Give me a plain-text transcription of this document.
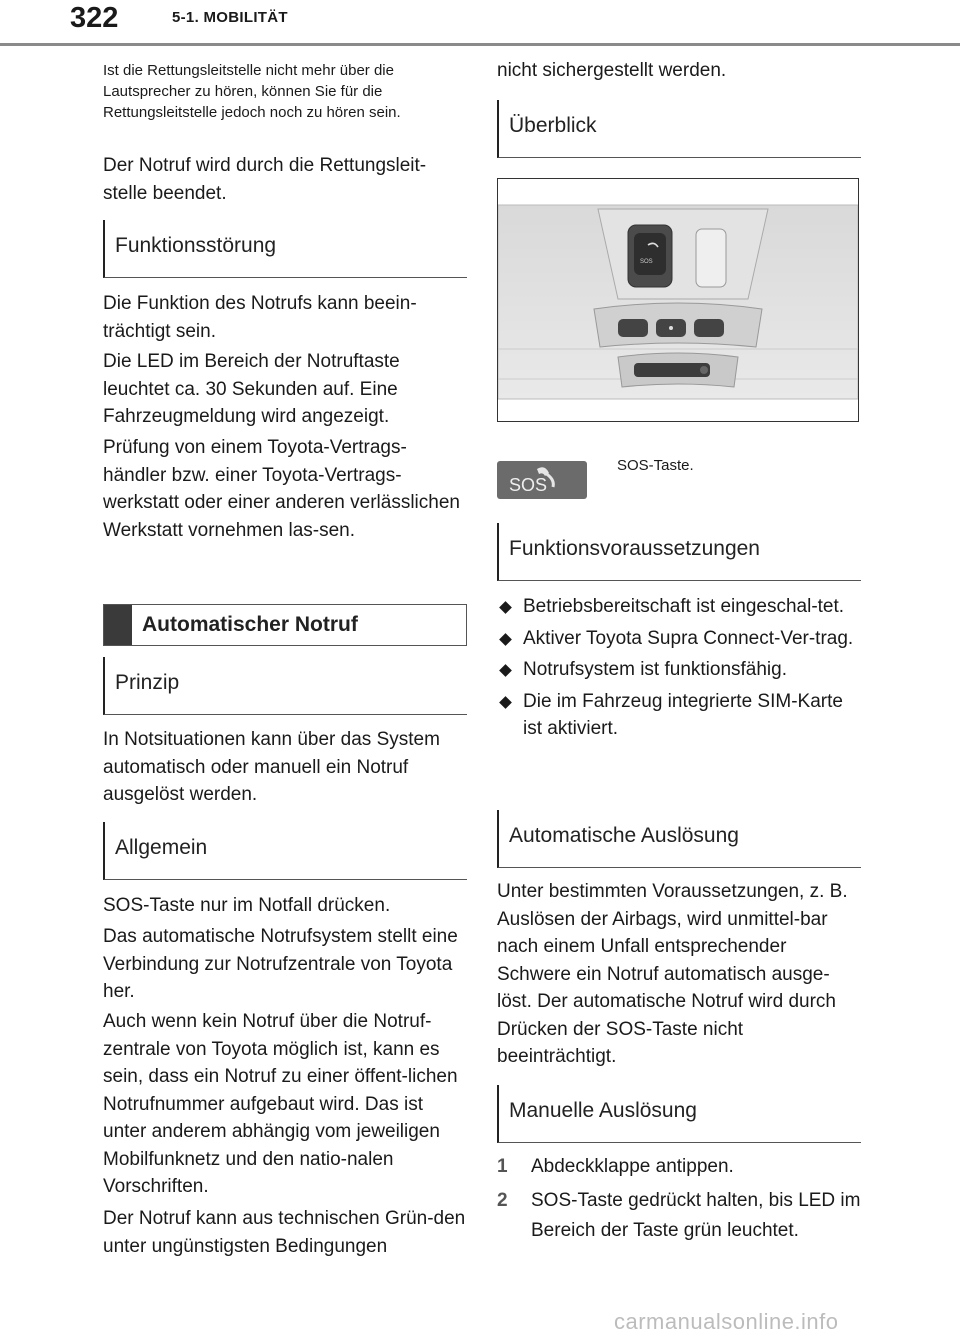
322	5-1. MOBILITÄT
Ist die Rettungsleitstelle nicht mehr über die Lautsprecher zu hören, können Sie für die Rettungsleitstelle jedoch noch zu hören sein.
Der Notruf wird durch die Rettungsleit-stelle beendet.
Funktionsstörung
Die Funktion des Notrufs kann beein-trächtigt sein.
Die LED im Bereich der Notruftaste leuchtet ca. 30 Sekunden auf. Eine Fahrzeugmeldung wird angezeigt.
Prüfung von einem Toyota-Vertrags-händler bzw. einer Toyota-Vertrags-werkstatt oder einer anderen verlässlichen Werkstatt vornehmen las-sen.
Automatischer Notruf
Prinzip
In Notsituationen kann über das System automatisch oder manuell ein Notruf ausgelöst werden.
Allgemein
SOS-Taste nur im Notfall drücken.
Das automatische Notrufsystem stellt eine Verbindung zur Notrufzentrale von Toyota her.
Auch wenn kein Notruf über die Notruf-zentrale von Toyota möglich ist, kann es sein, dass ein Notruf zu einer öffent-lichen Notrufnummer aufgebaut wird. Das ist unter anderem abhängig vom jeweiligen Mobilfunknetz und den natio-nalen Vorschriften.
Der Notruf kann aus technischen Grün-den unter ungünstigsten Bedingungen
nicht sichergestellt werden.
Überblick
SOS
SOS
SOS-Taste.
Funktionsvoraussetzungen
Betriebsbereitschaft ist eingeschal-tet.
Aktiver Toyota Supra Connect-Ver-trag.
Notrufsystem ist funktionsfähig.
Die im Fahrzeug integrierte SIM-Karte ist aktiviert.
Automatische Auslösung
Unter bestimmten Voraussetzungen, z. B. Auslösen der Airbags, wird unmittel-bar nach einem Unfall entsprechender Schwere ein Notruf automatisch ausge-löst. Der automatische Notruf wird durch Drücken der SOS-Taste nicht beeinträchtigt.
Manuelle Auslösung
1 Abdeckklappe antippen.
2 SOS-Taste gedrückt halten, bis LED im Bereich der Taste grün leuchtet.
carmanualsonline.info
